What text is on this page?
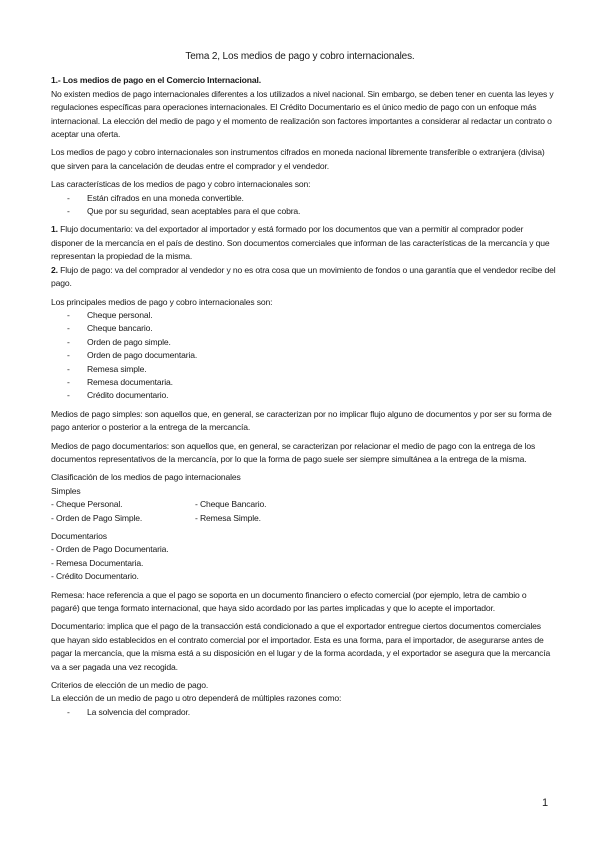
Tema 2, Los medios de pago y cobro internacionales.
1.- Los medios de pago en el Comercio Internacional.

No existen medios de pago internacionales diferentes a los utilizados a nivel nacional. Sin embargo, se deben tener en cuenta las leyes y regulaciones específicas para operaciones internacionales. El Crédito Documentario es el único medio de pago con un enfoque más internacional. La elección del medio de pago y el momento de realización son factores importantes a considerar al redactar un contrato o aceptar una oferta.

Los medios de pago y cobro internacionales son instrumentos cifrados en moneda nacional libremente transferible o extranjera (divisa) que sirven para la cancelación de deudas entre el comprador y el vendedor.

Las características de los medios de pago y cobro internacionales son:
- Están cifrados en una moneda convertible.
- Que por su seguridad, sean aceptables para el que cobra.
1. Flujo documentario: va del exportador al importador y está formado por los documentos que van a permitir al comprador poder disponer de la mercancía en el país de destino. Son documentos comerciales que informan de las características de la mercancía y que representan la propiedad de la misma.
2. Flujo de pago: va del comprador al vendedor y no es otra cosa que un movimiento de fondos o una garantía que el vendedor recibe del pago.
Los principales medios de pago y cobro internacionales son:
- Cheque personal.
- Cheque bancario.
- Orden de pago simple.
- Orden de pago documentaria.
- Remesa simple.
- Remesa documentaria.
- Crédito documentario.

Medios de pago simples: son aquellos que, en general, se caracterizan por no implicar flujo alguno de documentos y por ser su forma de pago anterior o posterior a la entrega de la mercancía.

Medios de pago documentarios: son aquellos que, en general, se caracterizan por relacionar el medio de pago con la entrega de los documentos representativos de la mercancía, por lo que la forma de pago suele ser siempre simultánea a la entrega de la misma.

Clasificación de los medios de pago internacionales
Simples
- Cheque Personal.	- Cheque Bancario.
- Orden de Pago Simple.	- Remesa Simple.
Documentarios
- Orden de Pago Documentaria.
- Remesa Documentaria.
- Crédito Documentario.

Remesa: hace referencia a que el pago se soporta en un documento financiero o efecto comercial (por ejemplo, letra de cambio o pagaré) que tenga formato internacional, que haya sido acordado por las partes implicadas y que lo acepte el importador.

Documentario: implica que el pago de la transacción está condicionado a que el exportador entregue ciertos documentos comerciales que hayan sido establecidos en el contrato comercial por el importador. Esta es una forma, para el importador, de asegurarse antes de pagar la mercancía, que la misma está a su disposición en el lugar y de la forma acordada, y el exportador se asegura que la mercancía va a ser pagada una vez recogida.

Criterios de elección de un medio de pago.
La elección de un medio de pago u otro dependerá de múltiples razones como:
- La solvencia del comprador.
1
